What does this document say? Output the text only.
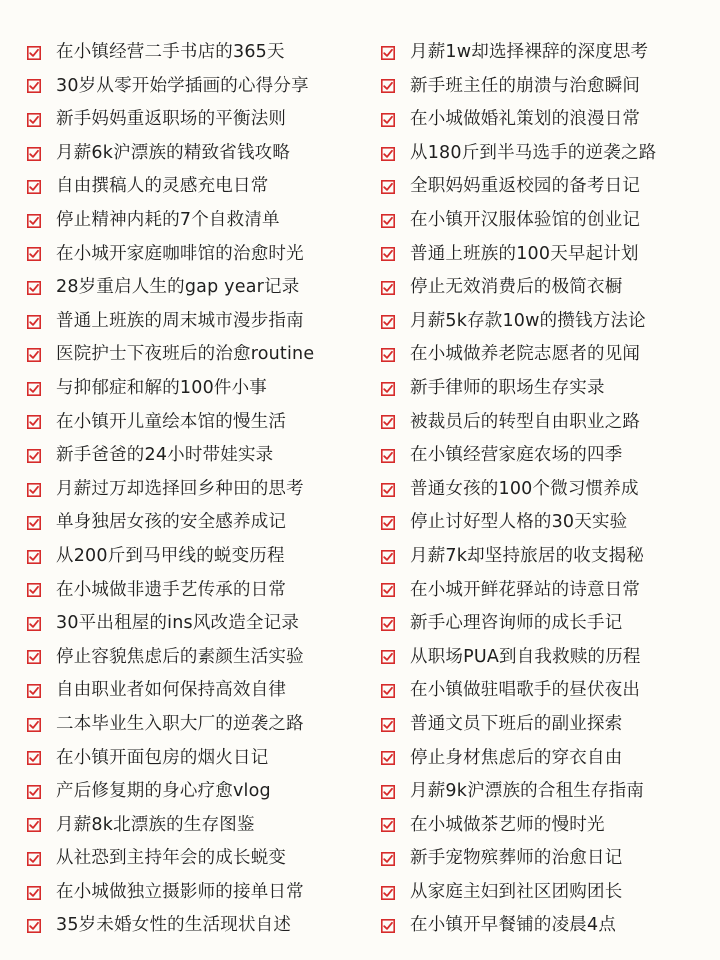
在小镇经营二手书店的365天
30岁从零开始学插画的心得分享
新手妈妈重返职场的平衡法则
月薪6k沪漂族的精致省钱攻略
自由撰稿人的灵感充电日常
停止精神内耗的7个自救清单
在小城开家庭咖啡馆的治愈时光
28岁重启人生的gap year记录
普通上班族的周末城市漫步指南
医院护士下夜班后的治愈routine
与抑郁症和解的100件小事
在小镇开儿童绘本馆的慢生活
新手爸爸的24小时带娃实录
月薪过万却选择回乡种田的思考
单身独居女孩的安全感养成记
从200斤到马甲线的蜕变历程
在小城做非遗手艺传承的日常
30平出租屋的ins风改造全记录
停止容貌焦虑后的素颜生活实验
自由职业者如何保持高效自律
二本毕业生入职大厂的逆袭之路
在小镇开面包房的烟火日记
产后修复期的身心疗愈vlog
月薪8k北漂族的生存图鉴
从社恐到主持年会的成长蜕变
在小城做独立摄影师的接单日常
35岁未婚女性的生活现状自述
月薪1w却选择裸辞的深度思考
新手班主任的崩溃与治愈瞬间
在小城做婚礼策划的浪漫日常
从180斤到半马选手的逆袭之路
全职妈妈重返校园的备考日记
在小镇开汉服体验馆的创业记
普通上班族的100天早起计划
停止无效消费后的极简衣橱
月薪5k存款10w的攒钱方法论
在小城做养老院志愿者的见闻
新手律师的职场生存实录
被裁员后的转型自由职业之路
在小镇经营家庭农场的四季
普通女孩的100个微习惯养成
停止讨好型人格的30天实验
月薪7k却坚持旅居的收支揭秘
在小城开鲜花驿站的诗意日常
新手心理咨询师的成长手记
从职场PUA到自我救赎的历程
在小镇做驻唱歌手的昼伏夜出
普通文员下班后的副业探索
停止身材焦虑后的穿衣自由
月薪9k沪漂族的合租生存指南
在小城做茶艺师的慢时光
新手宠物殡葬师的治愈日记
从家庭主妇到社区团购团长
在小镇开早餐铺的凌晨4点
